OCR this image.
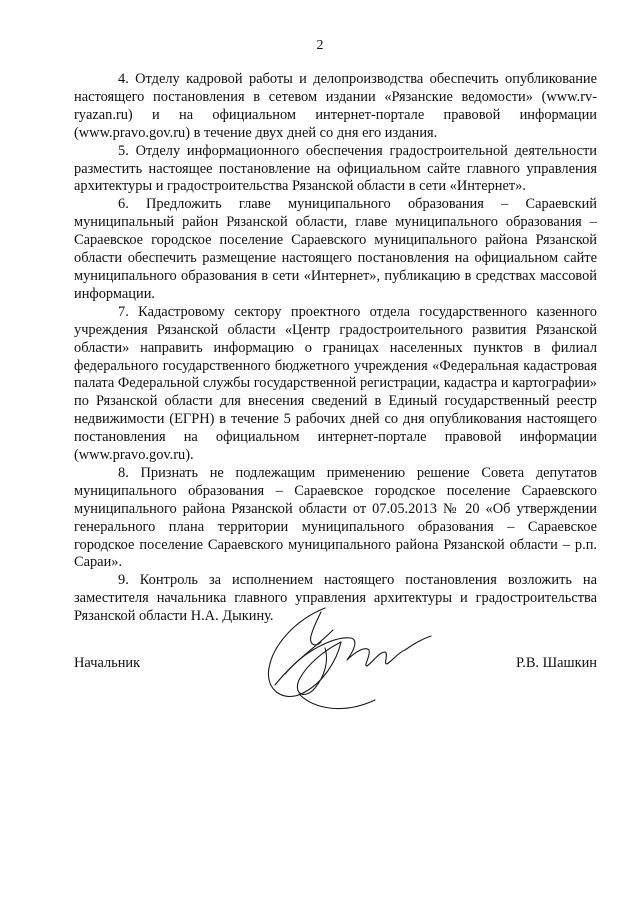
2

4. Отделу кадровой работы и делопроизводства обеспечить опубликование настоящего постановления в сетевом издании «Рязанские ведомости» (www.rv-ryazan.ru) и на официальном интернет-портале правовой информации (www.pravo.gov.ru) в течение двух дней со дня его издания.

5. Отделу информационного обеспечения градостроительной деятельности разместить настоящее постановление на официальном сайте главного управления архитектуры и градостроительства Рязанской области в сети «Интернет».

6. Предложить главе муниципального образования – Сараевский муниципальный район Рязанской области, главе муниципального образования – Сараевское городское поселение Сараевского муниципального района Рязанской области обеспечить размещение настоящего постановления на официальном сайте муниципального образования в сети «Интернет», публикацию в средствах массовой информации.

7. Кадастровому сектору проектного отдела государственного казенного учреждения Рязанской области «Центр градостроительного развития Рязанской области» направить информацию о границах населенных пунктов в филиал федерального государственного бюджетного учреждения «Федеральная кадастровая палата Федеральной службы государственной регистрации, кадастра и картографии» по Рязанской области для внесения сведений в Единый государственный реестр недвижимости (ЕГРН) в течение 5 рабочих дней со дня опубликования настоящего постановления на официальном интернет-портале правовой информации (www.pravo.gov.ru).

8. Признать не подлежащим применению решение Совета депутатов муниципального образования – Сараевское городское поселение Сараевского муниципального района Рязанской области от 07.05.2013 № 20 «Об утверждении генерального плана территории муниципального образования – Сараевское городское поселение Сараевского муниципального района Рязанской области – р.п. Сараи».

9. Контроль за исполнением настоящего постановления возложить на заместителя начальника главного управления архитектуры и градостроительства Рязанской области Н.А. Дыкину.

Начальник	Р.В. Шашкин
